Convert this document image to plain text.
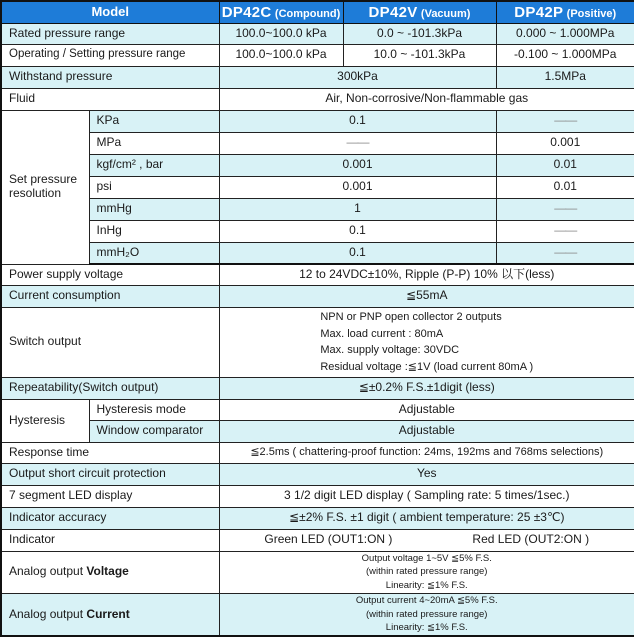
Model		DP42C (Compound)	DP42V (Vacuum)	DP42P (Positive)
Rated pressure range		100.0~100.0 kPa	0.0 ~ -101.3kPa	0.000 ~ 1.000MPa
Operating / Setting pressure range		100.0~100.0 kPa	10.0 ~ -101.3kPa	-0.100 ~ 1.000MPa
Withstand pressure		300kPa		1.5MPa
Fluid		Air, Non-corrosive/Non-flammable gas		
Set pressure resolution	KPa	0.1		——
	MPa	——		0.001
	kgf/cm² , bar	0.001		0.01
	psi	0.001		0.01
	mmHg	1		——
	InHg	0.1		——
	mmH₂O	0.1		——
Power supply voltage		12 to 24VDC±10%, Ripple (P-P) 10% 以下(less)		
Current consumption		≦55mA		
Switch output		NPN or PNP open collector 2 outputs
Max. load current : 80mA
Max. supply voltage: 30VDC
Residual voltage :≦1V (load current 80mA )		

Repeatability(Switch output)		≦±0.2% F.S.±1digit (less)		
Hysteresis	Hysteresis mode	Adjustable		
	Window comparator	Adjustable		
Response time		≦2.5ms ( chattering-proof function: 24ms, 192ms and 768ms selections)		
Output short circuit protection		Yes		
7 segment LED display		3 1/2 digit LED display ( Sampling rate: 5 times/1sec.)		
Indicator accuracy		≦±2% F.S. ±1 digit ( ambient temperature: 25 ±3℃)		
Indicator		Green LED (OUT1:ON ) Red LED (OUT2:ON )		

Analog output Voltage		Output voltage 1~5V ≦5% F.S.
(within rated pressure range)
Linearity: ≦1% F.S.		

Analog output Current		Output current 4~20mA ≦5% F.S.
(within rated pressure range)
Linearity: ≦1% F.S.		
